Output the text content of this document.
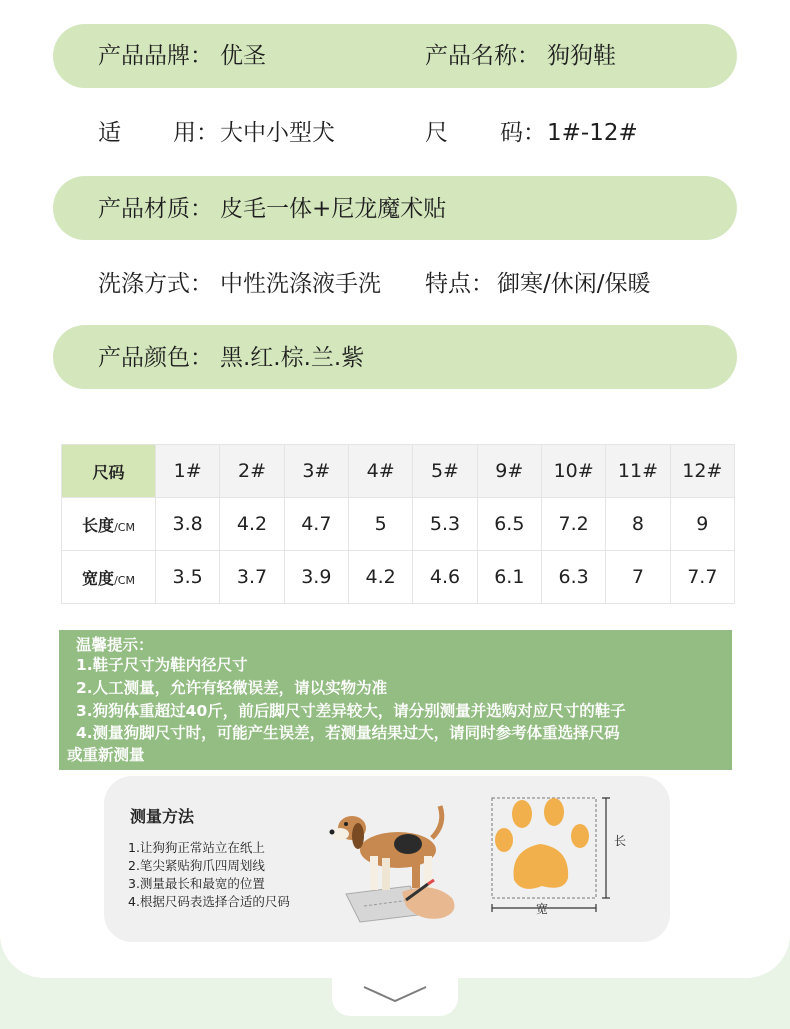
产品品牌： 优圣	产品名称： 狗狗鞋
适 用： 大中小型犬	尺 码： 1#-12#
产品材质： 皮毛一体+尼龙魔术贴
洗涤方式： 中性洗涤液手洗 特点： 御寒/休闲/保暖
产品颜色： 黑.红.棕.兰.紫
尺码	1#	2#	3#	4#	5#	9#	10#	11#	12#
长度/CM	3.8	4.2	4.7	5	5.3	6.5	7.2	8	9
宽度/CM	3.5	3.7	3.9	4.2	4.6	6.1	6.3	7	7.7
温馨提示：
1.鞋子尺寸为鞋内径尺寸
2.人工测量，允许有轻微误差，请以实物为准
3.狗狗体重超过40斤，前后脚尺寸差异较大，请分别测量并选购对应尺寸的鞋子
4.测量狗脚尺寸时，可能产生误差，若测量结果过大，请同时参考体重选择尺码
或重新测量
测量方法
1.让狗狗正常站立在纸上
2.笔尖紧贴狗爪四周划线
3.测量最长和最宽的位置
4.根据尺码表选择合适的尺码
长
宽
